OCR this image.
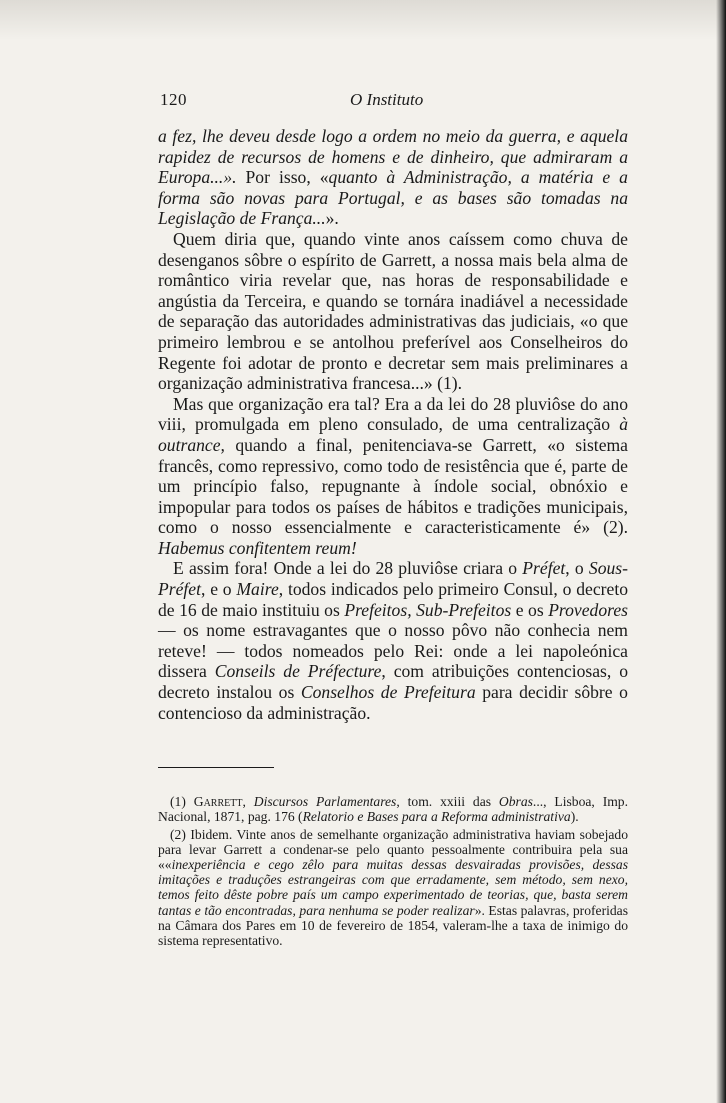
120	O Instituto

a fez, lhe deveu desde logo a ordem no meio da guerra, e aquela rapidez de recursos de homens e de dinheiro, que admiraram a Europa...». Por isso, «quanto à Administração, a matéria e a forma são novas para Portugal, e as bases são tomadas na Legislação de França...».

Quem diria que, quando vinte anos caíssem como chuva de desenganos sôbre o espírito de Garrett, a nossa mais bela alma de romântico viria revelar que, nas horas de responsabilidade e angústia da Terceira, e quando se tornára inadiável a necessidade de separação das autoridades administrativas das judiciais, «o que primeiro lembrou e se antolhou preferível aos Conselheiros do Regente foi adotar de pronto e decretar sem mais preliminares a organização administrativa francesa...» (1).

Mas que organização era tal? Era a da lei do 28 pluviôse do ano viii, promulgada em pleno consulado, de uma centralização à outrance, quando a final, penitenciava-se Garrett, «o sistema francês, como repressivo, como todo de resistência que é, parte de um princípio falso, repugnante à índole social, obnóxio e impopular para todos os países de hábitos e tradições municipais, como o nosso essencialmente e caracteristicamente é» (2). Habemus confitentem reum!

E assim fora! Onde a lei do 28 pluviôse criara o Préfet, o Sous-Préfet, e o Maire, todos indicados pelo primeiro Consul, o decreto de 16 de maio instituiu os Prefeitos, Sub-Prefeitos e os Provedores — os nome estravagantes que o nosso pôvo não conhecia nem reteve! — todos nomeados pelo Rei: onde a lei napoleónica dissera Conseils de Préfecture, com atribuições contenciosas, o decreto instalou os Conselhos de Prefeitura para decidir sôbre o contencioso da administração.

(1) Garrett, Discursos Parlamentares, tom. xxiii das Obras..., Lisboa, Imp. Nacional, 1871, pag. 176 (Relatorio e Bases para a Reforma administrativa).

(2) Ibidem. Vinte anos de semelhante organização administrativa haviam sobejado para levar Garrett a condenar-se pelo quanto pessoalmente contribuira pela sua ««inexperiência e cego zêlo para muitas dessas desvairadas provisões, dessas imitações e traduções estrangeiras com que erradamente, sem método, sem nexo, temos feito dêste pobre país um campo experimentado de teorias, que, basta serem tantas e tão encontradas, para nenhuma se poder realizar». Estas palavras, proferidas na Câmara dos Pares em 10 de fevereiro de 1854, valeram-lhe a taxa de inimigo do sistema representativo.
